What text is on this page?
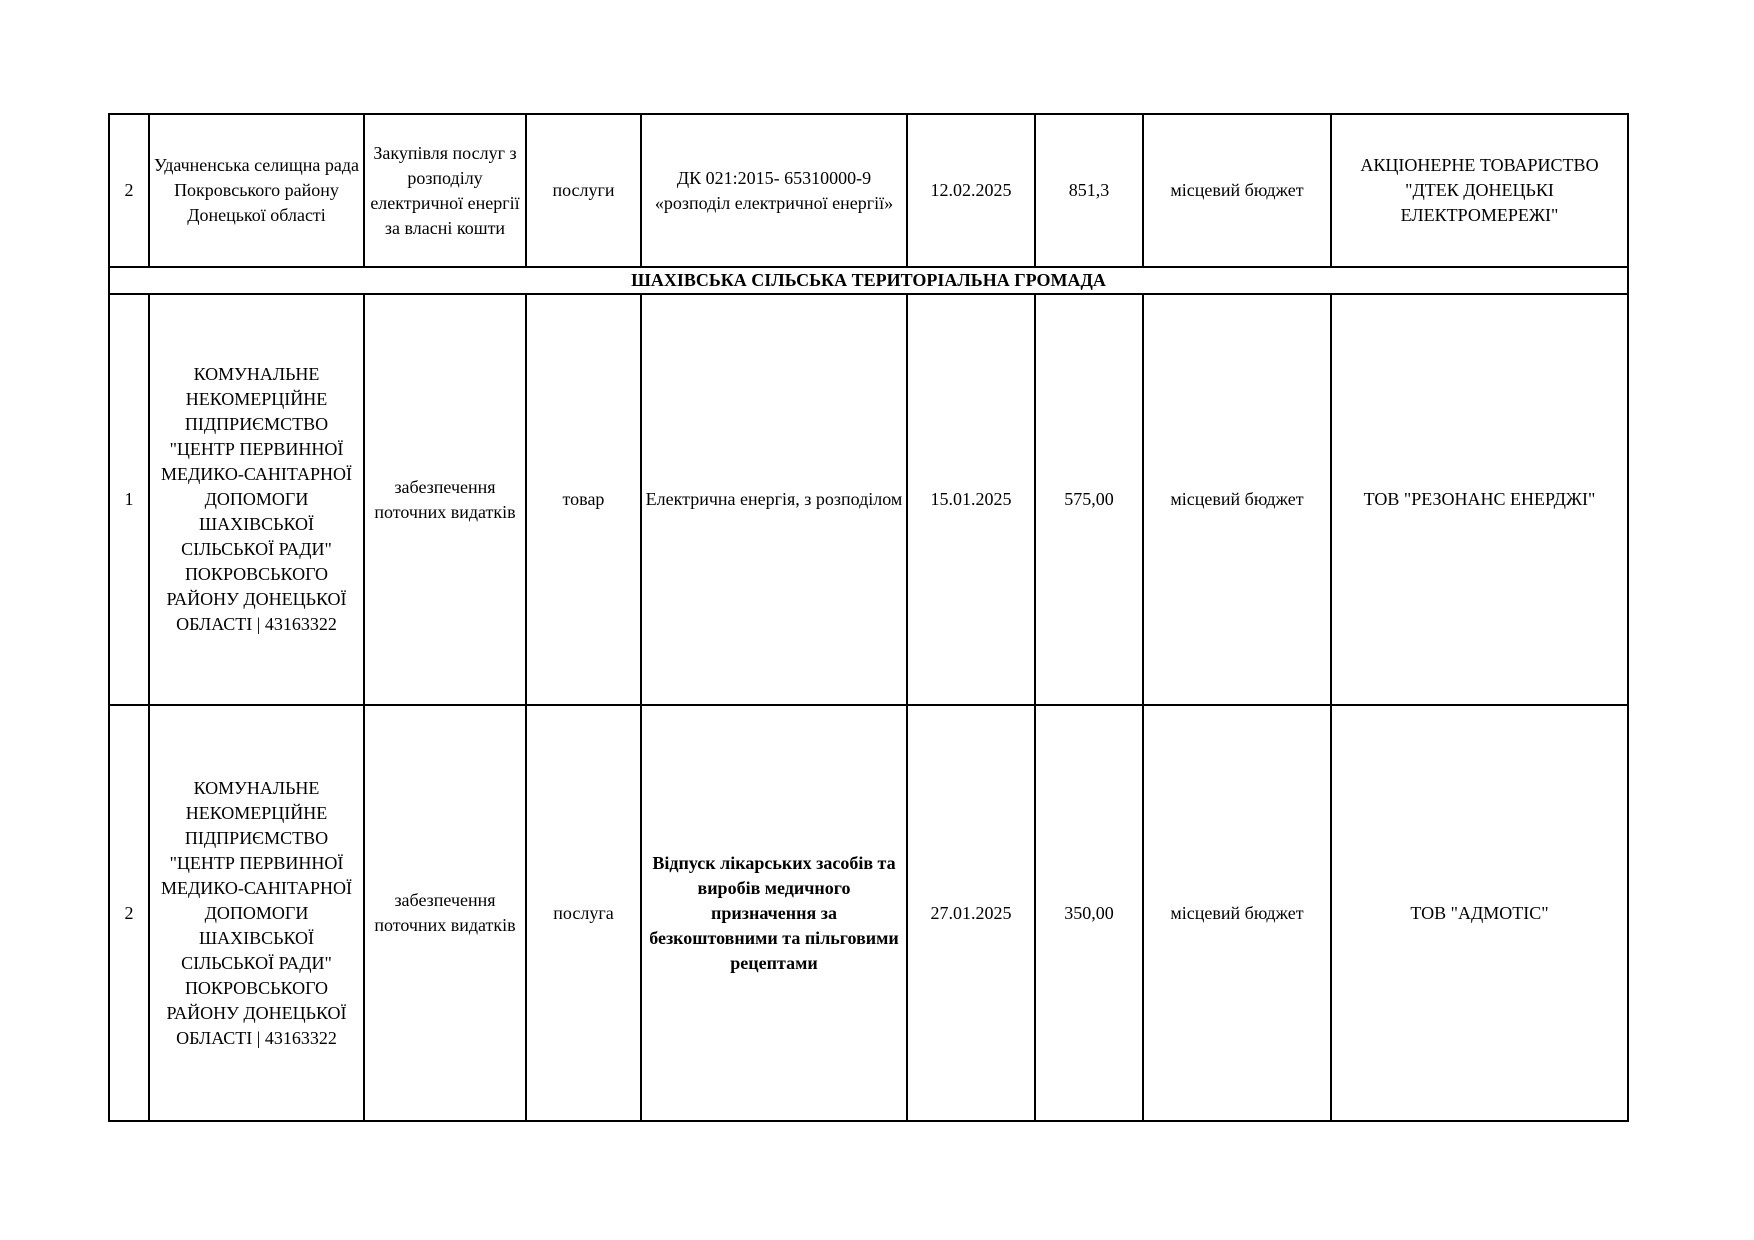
2	Удачненська селищна рада Покровського району Донецької області	Закупівля послуг з розподілу електричної енергії за власні кошти	послуги	ДК 021:2015- 65310000-9 «розподіл електричної енергії»	12.02.2025	851,3	місцевий бюджет	АКЦІОНЕРНЕ ТОВАРИСТВО "ДТЕК ДОНЕЦЬКІ ЕЛЕКТРОМЕРЕЖІ"
ШАХІВСЬКА СІЛЬСЬКА ТЕРИТОРІАЛЬНА ГРОМАДА								
1	КОМУНАЛЬНЕ НЕКОМЕРЦІЙНЕ ПІДПРИЄМСТВО "ЦЕНТР ПЕРВИННОЇ МЕДИКО-САНІТАРНОЇ ДОПОМОГИ ШАХІВСЬКОЇ СІЛЬСЬКОЇ РАДИ" ПОКРОВСЬКОГО РАЙОНУ ДОНЕЦЬКОЇ ОБЛАСТІ | 43163322	забезпечення поточних видатків	товар	Електрична енергія, з розподілом	15.01.2025	575,00	місцевий бюджет	ТОВ "РЕЗОНАНС ЕНЕРДЖІ"
2	КОМУНАЛЬНЕ НЕКОМЕРЦІЙНЕ ПІДПРИЄМСТВО "ЦЕНТР ПЕРВИННОЇ МЕДИКО-САНІТАРНОЇ ДОПОМОГИ ШАХІВСЬКОЇ СІЛЬСЬКОЇ РАДИ" ПОКРОВСЬКОГО РАЙОНУ ДОНЕЦЬКОЇ ОБЛАСТІ | 43163322	забезпечення поточних видатків	послуга	Відпуск лікарських засобів та виробів медичного призначення за безкоштовними та пільговими рецептами	27.01.2025	350,00	місцевий бюджет	ТОВ "АДМОТІС"
